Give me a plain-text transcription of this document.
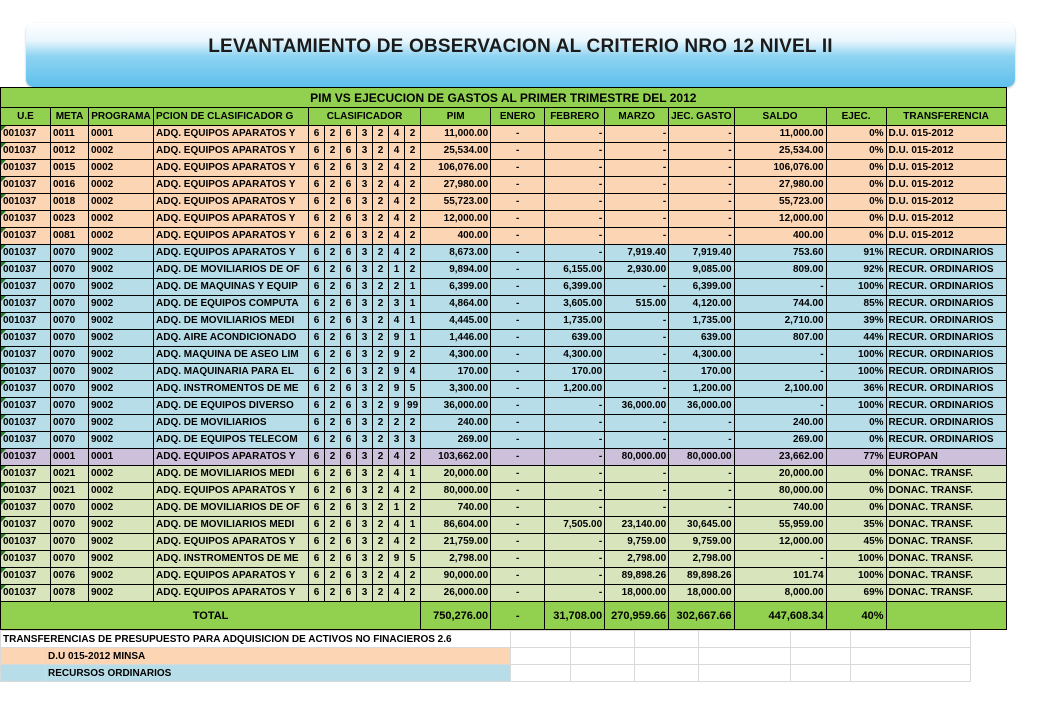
LEVANTAMIENTO DE OBSERVACION AL CRITERIO NRO 12 NIVEL II
PIM VS EJECUCION DE GASTOS AL PRIMER TRIMESTRE DEL 2012																		
U.E	META	PROGRAMA	PCION DE CLASIFICADOR G	CLASIFICADOR							PIM	ENERO	FEBRERO	MARZO	JEC. GASTO	SALDO	EJEC.	TRANSFERENCIA
001037	0011	0001	ADQ. EQUIPOS APARATOS Y	6	2	6	3	2	4	2	11,000.00	-	-	-	-	11,000.00	0%	D.U. 015-2012
001037	0012	0002	ADQ. EQUIPOS APARATOS Y	6	2	6	3	2	4	2	25,534.00	-	-	-	-	25,534.00	0%	D.U. 015-2012
001037	0015	0002	ADQ. EQUIPOS APARATOS Y	6	2	6	3	2	4	2	106,076.00	-	-	-	-	106,076.00	0%	D.U. 015-2012
001037	0016	0002	ADQ. EQUIPOS APARATOS Y	6	2	6	3	2	4	2	27,980.00	-	-	-	-	27,980.00	0%	D.U. 015-2012
001037	0018	0002	ADQ. EQUIPOS APARATOS Y	6	2	6	3	2	4	2	55,723.00	-	-	-	-	55,723.00	0%	D.U. 015-2012
001037	0023	0002	ADQ. EQUIPOS APARATOS Y	6	2	6	3	2	4	2	12,000.00	-	-	-	-	12,000.00	0%	D.U. 015-2012
001037	0081	0002	ADQ. EQUIPOS APARATOS Y	6	2	6	3	2	4	2	400.00	-	-	-	-	400.00	0%	D.U. 015-2012
001037	0070	9002	ADQ. EQUIPOS APARATOS Y	6	2	6	3	2	4	2	8,673.00	-	-	7,919.40	7,919.40	753.60	91%	RECUR. ORDINARIOS
001037	0070	9002	ADQ. DE MOVILIARIOS DE OF	6	2	6	3	2	1	2	9,894.00	-	6,155.00	2,930.00	9,085.00	809.00	92%	RECUR. ORDINARIOS
001037	0070	9002	ADQ. DE MAQUINAS Y EQUIP	6	2	6	3	2	2	1	6,399.00	-	6,399.00	-	6,399.00	-	100%	RECUR. ORDINARIOS
001037	0070	9002	ADQ. DE EQUIPOS COMPUTA	6	2	6	3	2	3	1	4,864.00	-	3,605.00	515.00	4,120.00	744.00	85%	RECUR. ORDINARIOS
001037	0070	9002	ADQ. DE MOVILIARIOS MEDI	6	2	6	3	2	4	1	4,445.00	-	1,735.00	-	1,735.00	2,710.00	39%	RECUR. ORDINARIOS
001037	0070	9002	ADQ. AIRE ACONDICIONADO	6	2	6	3	2	9	1	1,446.00	-	639.00	-	639.00	807.00	44%	RECUR. ORDINARIOS
001037	0070	9002	ADQ. MAQUINA DE ASEO LIM	6	2	6	3	2	9	2	4,300.00	-	4,300.00	-	4,300.00	-	100%	RECUR. ORDINARIOS
001037	0070	9002	ADQ. MAQUINARIA PARA EL	6	2	6	3	2	9	4	170.00	-	170.00	-	170.00	-	100%	RECUR. ORDINARIOS
001037	0070	9002	ADQ. INSTROMENTOS DE ME	6	2	6	3	2	9	5	3,300.00	-	1,200.00	-	1,200.00	2,100.00	36%	RECUR. ORDINARIOS
001037	0070	9002	ADQ. DE EQUIPOS DIVERSO	6	2	6	3	2	9	99	36,000.00	-	-	36,000.00	36,000.00	-	100%	RECUR. ORDINARIOS
001037	0070	9002	ADQ. DE MOVILIARIOS	6	2	6	3	2	2	2	240.00	-	-	-	-	240.00	0%	RECUR. ORDINARIOS
001037	0070	9002	ADQ. DE EQUIPOS TELECOM	6	2	6	3	2	3	3	269.00	-	-	-	-	269.00	0%	RECUR. ORDINARIOS
001037	0001	0001	ADQ. EQUIPOS APARATOS Y	6	2	6	3	2	4	2	103,662.00	-	-	80,000.00	80,000.00	23,662.00	77%	EUROPAN
001037	0021	0002	ADQ. DE MOVILIARIOS MEDI	6	2	6	3	2	4	1	20,000.00	-	-	-	-	20,000.00	0%	DONAC. TRANSF.
001037	0021	0002	ADQ. EQUIPOS APARATOS Y	6	2	6	3	2	4	2	80,000.00	-	-	-	-	80,000.00	0%	DONAC. TRANSF.
001037	0070	0002	ADQ. DE MOVILIARIOS DE OF	6	2	6	3	2	1	2	740.00	-	-	-	-	740.00	0%	DONAC. TRANSF.
001037	0070	9002	ADQ. DE MOVILIARIOS MEDI	6	2	6	3	2	4	1	86,604.00	-	7,505.00	23,140.00	30,645.00	55,959.00	35%	DONAC. TRANSF.
001037	0070	9002	ADQ. EQUIPOS APARATOS Y	6	2	6	3	2	4	2	21,759.00	-	-	9,759.00	9,759.00	12,000.00	45%	DONAC. TRANSF.
001037	0070	9002	ADQ. INSTROMENTOS DE ME	6	2	6	3	2	9	5	2,798.00	-	-	2,798.00	2,798.00	-	100%	DONAC. TRANSF.
001037	0076	9002	ADQ. EQUIPOS APARATOS Y	6	2	6	3	2	4	2	90,000.00	-	-	89,898.26	89,898.26	101.74	100%	DONAC. TRANSF.
001037	0078	9002	ADQ. EQUIPOS APARATOS Y	6	2	6	3	2	4	2	26,000.00	-	-	18,000.00	18,000.00	8,000.00	69%	DONAC. TRANSF.
TOTAL											750,276.00	-	31,708.00	270,959.66	302,667.66	447,608.34	40%	
TRANSFERENCIAS DE PRESUPUESTO PARA ADQUISICION DE ACTIVOS NO FINACIEROS 2.6							
	D.U 015-2012 MINSA						
	RECURSOS ORDINARIOS						
